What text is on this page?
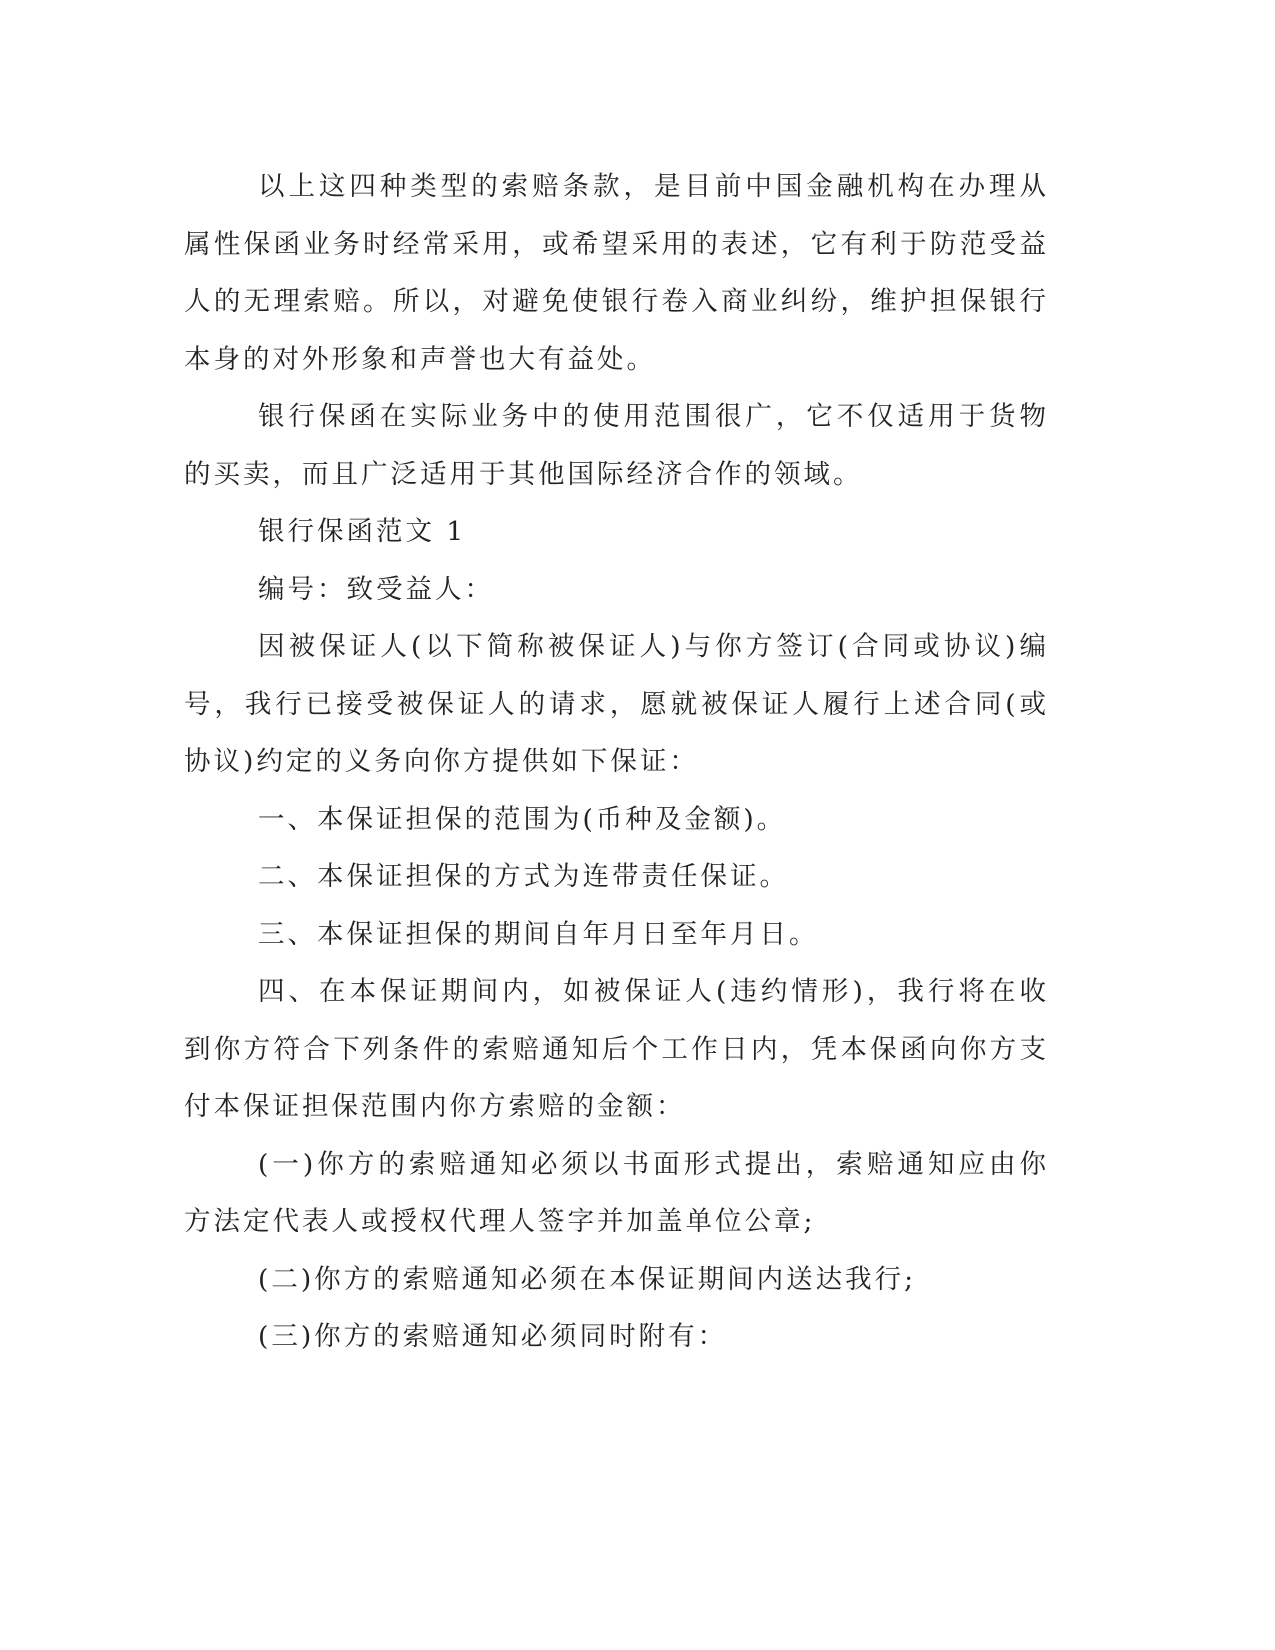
以上这四种类型的索赔条款，是目前中国金融机构在办理从属性保函业务时经常采用，或希望采用的表述，它有利于防范受益人的无理索赔。所以，对避免使银行卷入商业纠纷，维护担保银行本身的对外形象和声誉也大有益处。

银行保函在实际业务中的使用范围很广，它不仅适用于货物的买卖，而且广泛适用于其他国际经济合作的领域。

银行保函范文 1

编号：致受益人：

因被保证人(以下简称被保证人)与你方签订(合同或协议)编号，我行已接受被保证人的请求，愿就被保证人履行上述合同(或协议)约定的义务向你方提供如下保证：

一、本保证担保的范围为(币种及金额)。

二、本保证担保的方式为连带责任保证。

三、本保证担保的期间自年月日至年月日。

四、在本保证期间内，如被保证人(违约情形)，我行将在收到你方符合下列条件的索赔通知后个工作日内，凭本保函向你方支付本保证担保范围内你方索赔的金额：

(一)你方的索赔通知必须以书面形式提出，索赔通知应由你方法定代表人或授权代理人签字并加盖单位公章;

(二)你方的索赔通知必须在本保证期间内送达我行;

(三)你方的索赔通知必须同时附有：
